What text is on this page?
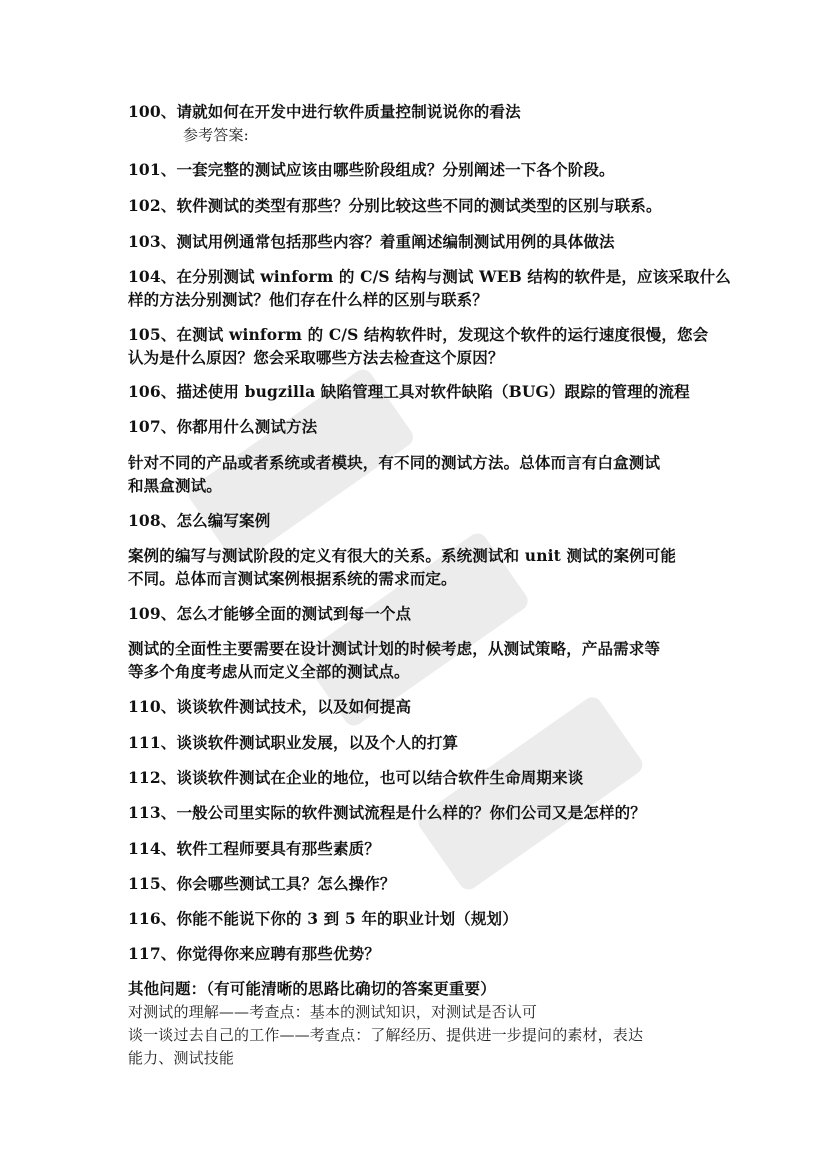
100、请就如何在开发中进行软件质量控制说说你的看法
参考答案:
101、一套完整的测试应该由哪些阶段组成？分别阐述一下各个阶段。
102、软件测试的类型有那些？分别比较这些不同的测试类型的区别与联系。
103、测试用例通常包括那些内容？着重阐述编制测试用例的具体做法
104、在分别测试 winform 的 C/S 结构与测试 WEB 结构的软件是，应该采取什么
样的方法分别测试？他们存在什么样的区别与联系？
105、在测试 winform 的 C/S 结构软件时，发现这个软件的运行速度很慢，您会
认为是什么原因？您会采取哪些方法去检查这个原因？
106、描述使用 bugzilla 缺陷管理工具对软件缺陷（BUG）跟踪的管理的流程
107、你都用什么测试方法
针对不同的产品或者系统或者模块，有不同的测试方法。总体而言有白盒测试
和黑盒测试。
108、怎么编写案例
案例的编写与测试阶段的定义有很大的关系。系统测试和 unit 测试的案例可能
不同。总体而言测试案例根据系统的需求而定。
109、怎么才能够全面的测试到每一个点
测试的全面性主要需要在设计测试计划的时候考虑，从测试策略，产品需求等
等多个角度考虑从而定义全部的测试点。
110、谈谈软件测试技术，以及如何提高
111、谈谈软件测试职业发展，以及个人的打算
112、谈谈软件测试在企业的地位，也可以结合软件生命周期来谈
113、一般公司里实际的软件测试流程是什么样的？你们公司又是怎样的？
114、软件工程师要具有那些素质？
115、你会哪些测试工具？怎么操作？
116、你能不能说下你的 3 到 5 年的职业计划（规划）
117、你觉得你来应聘有那些优势？
其他问题：（有可能清晰的思路比确切的答案更重要）
对测试的理解——考查点：基本的测试知识，对测试是否认可
谈一谈过去自己的工作——考查点：了解经历、提供进一步提问的素材，表达
能力、测试技能
